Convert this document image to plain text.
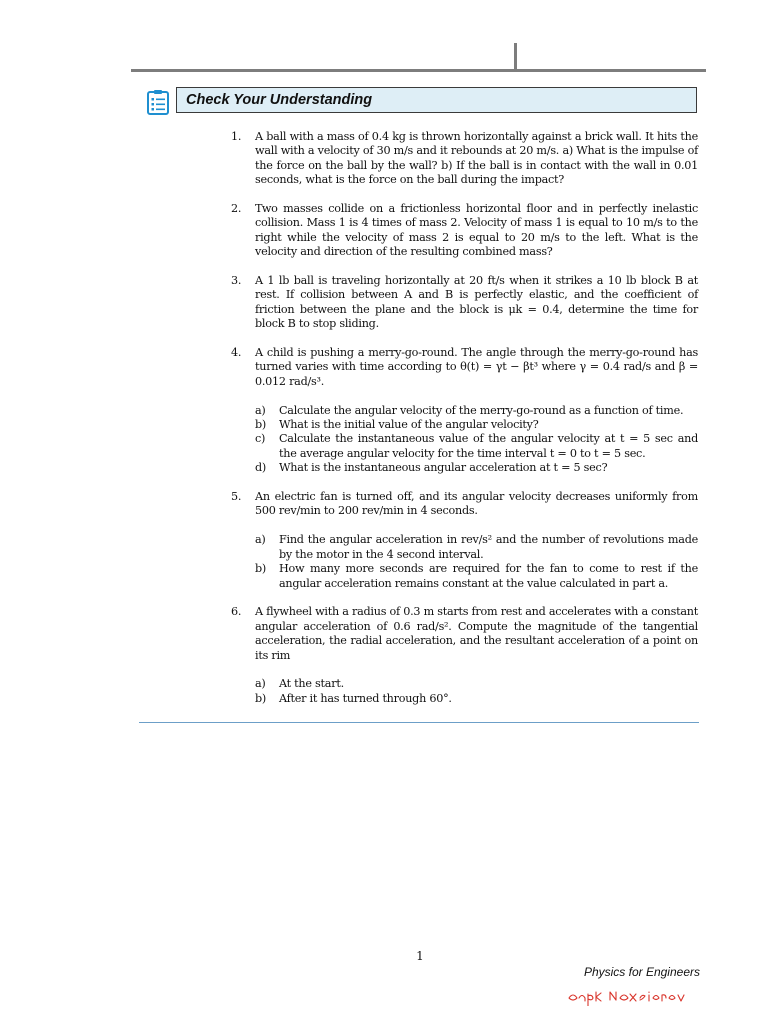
Check Your Understanding
1. A ball with a mass of 0.4 kg is thrown horizontally against a brick wall. It hits the wall with a velocity of 30 m/s and it rebounds at 20 m/s. a) What is the impulse of the force on the ball by the wall? b) If the ball is in contact with the wall in 0.01 seconds, what is the force on the ball during the impact?
2. Two masses collide on a frictionless horizontal floor and in perfectly inelastic collision. Mass 1 is 4 times of mass 2. Velocity of mass 1 is equal to 10 m/s to the right while the velocity of mass 2 is equal to 20 m/s to the left. What is the velocity and direction of the resulting combined mass?
3. A 1 lb ball is traveling horizontally at 20 ft/s when it strikes a 10 lb block B at rest. If collision between A and B is perfectly elastic, and the coefficient of friction between the plane and the block is μk = 0.4, determine the time for block B to stop sliding.
4. A child is pushing a merry-go-round. The angle through the merry-go-round has turned varies with time according to θ(t) = γt − βt³ where γ = 0.4 rad/s and β = 0.012 rad/s³.
a) Calculate the angular velocity of the merry-go-round as a function of time.
b) What is the initial value of the angular velocity?
c) Calculate the instantaneous value of the angular velocity at t = 5 sec and the average angular velocity for the time interval t = 0 to t = 5 sec.
d) What is the instantaneous angular acceleration at t = 5 sec?
5.	An electric fan is turned off, and its angular velocity decreases uniformly from 500 rev/min to 200 rev/min in 4 seconds.
a) Find the angular acceleration in rev/s² and the number of revolutions made by the motor in the 4 second interval.
b) How many more seconds are required for the fan to come to rest if the angular acceleration remains constant at the value calculated in part a.
6. A flywheel with a radius of 0.3 m starts from rest and accelerates with a constant angular acceleration of 0.6 rad/s². Compute the magnitude of the tangential acceleration, the radial acceleration, and the resultant acceleration of a point on its rim
a) At the start.
b) After it has turned through 60°.
1
Physics for Engineers
